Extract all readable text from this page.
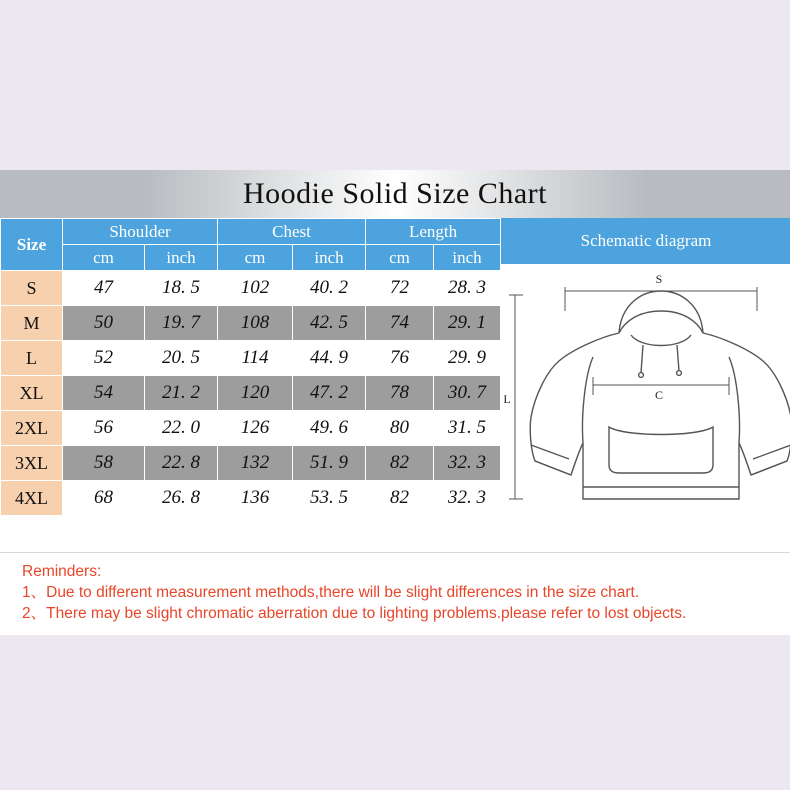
Hoodie Solid Size Chart
Size	Shoulder		Chest		Length	
	cm	inch	cm	inch	cm	inch
S	47	18. 5	102	40. 2	72	28. 3
M	50	19. 7	108	42. 5	74	29. 1
L	52	20. 5	114	44. 9	76	29. 9
XL	54	21. 2	120	47. 2	78	30. 7
2XL	56	22. 0	126	49. 6	80	31. 5
3XL	58	22. 8	132	51. 9	82	32. 3
4XL	68	26. 8	136	53. 5	82	32. 3
Schematic diagram
S
C
L
Reminders:
1、Due to different measurement methods,there will be slight differences in the size chart.
2、There may be slight chromatic aberration due to lighting problems.please refer to lost objects.
